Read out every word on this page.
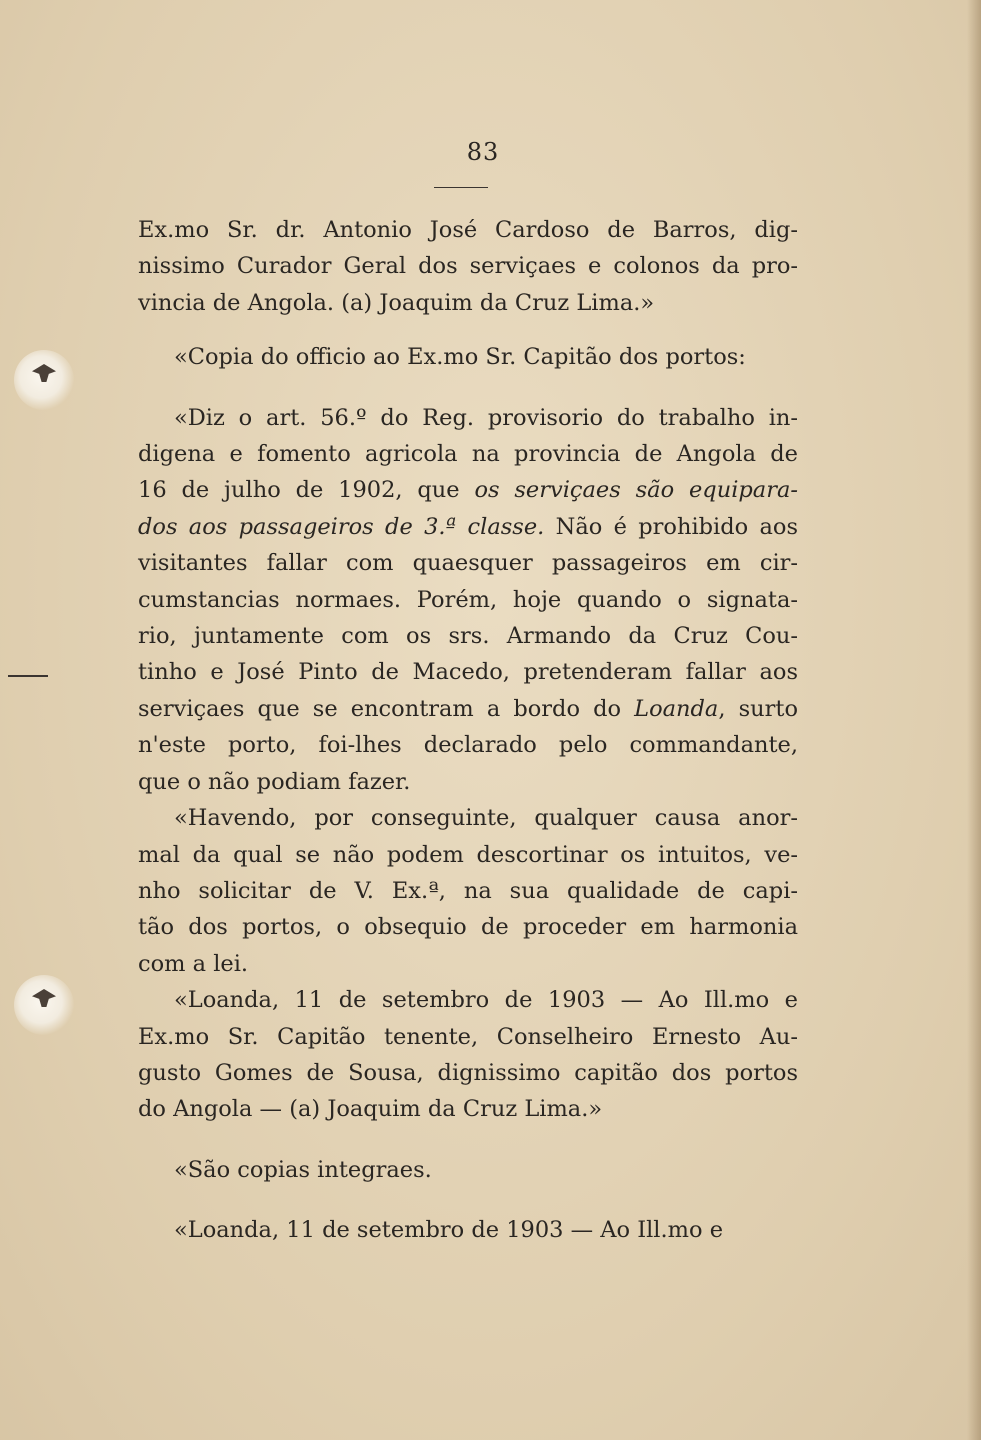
83
Ex.mo Sr. dr. Antonio José Cardoso de Barros, dig-
nissimo Curador Geral dos serviçaes e colonos da pro-
vincia de Angola. (a) Joaquim da Cruz Lima.»
«Copia do officio ao Ex.mo Sr. Capitão dos portos:
«Diz o art. 56.º do Reg. provisorio do trabalho in-
digena e fomento agricola na provincia de Angola de
16 de julho de 1902, que os serviçaes são equipara-
dos aos passageiros de 3.ª classe. Não é prohibido aos
visitantes fallar com quaesquer passageiros em cir-
cumstancias normaes. Porém, hoje quando o signata-
rio, juntamente com os srs. Armando da Cruz Cou-
tinho e José Pinto de Macedo, pretenderam fallar aos
serviçaes que se encontram a bordo do Loanda, surto
n'este porto, foi-lhes declarado pelo commandante,
que o não podiam fazer.
«Havendo, por conseguinte, qualquer causa anor-
mal da qual se não podem descortinar os intuitos, ve-
nho solicitar de V. Ex.ª, na sua qualidade de capi-
tão dos portos, o obsequio de proceder em harmonia
com a lei.
«Loanda, 11 de setembro de 1903 — Ao Ill.mo e
Ex.mo Sr. Capitão tenente, Conselheiro Ernesto Au-
gusto Gomes de Sousa, dignissimo capitão dos portos
do Angola — (a) Joaquim da Cruz Lima.»
«São copias integraes.
«Loanda, 11 de setembro de 1903 — Ao Ill.mo e
